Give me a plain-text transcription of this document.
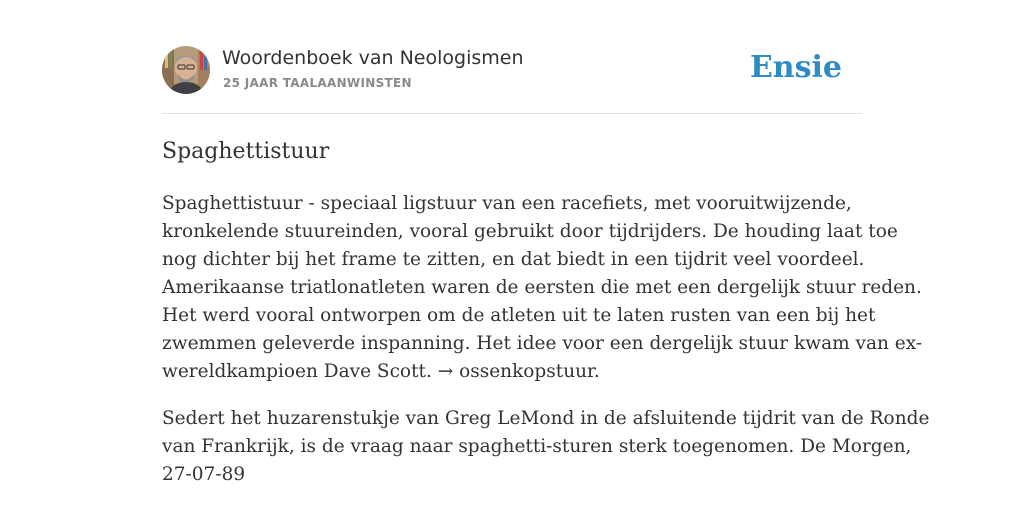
Woordenboek van Neologismen
25 JAAR TAALAANWINSTEN	Ensie
Spaghettistuur

Spaghettistuur - speciaal ligstuur van een racefiets, met vooruitwijzende,
kronkelende stuureinden, vooral gebruikt door tijdrijders. De houding laat toe
nog dichter bij het frame te zitten, en dat biedt in een tijdrit veel voordeel.
Amerikaanse triatlonatleten waren de eersten die met een dergelijk stuur reden.
Het werd vooral ontworpen om de atleten uit te laten rusten van een bij het
zwemmen geleverde inspanning. Het idee voor een dergelijk stuur kwam van ex-
wereldkampioen Dave Scott. → ossenkopstuur.

Sedert het huzarenstukje van Greg LeMond in de afsluitende tijdrit van de Ronde
van Frankrijk, is de vraag naar spaghetti-sturen sterk toegenomen. De Morgen,
27-07-89
